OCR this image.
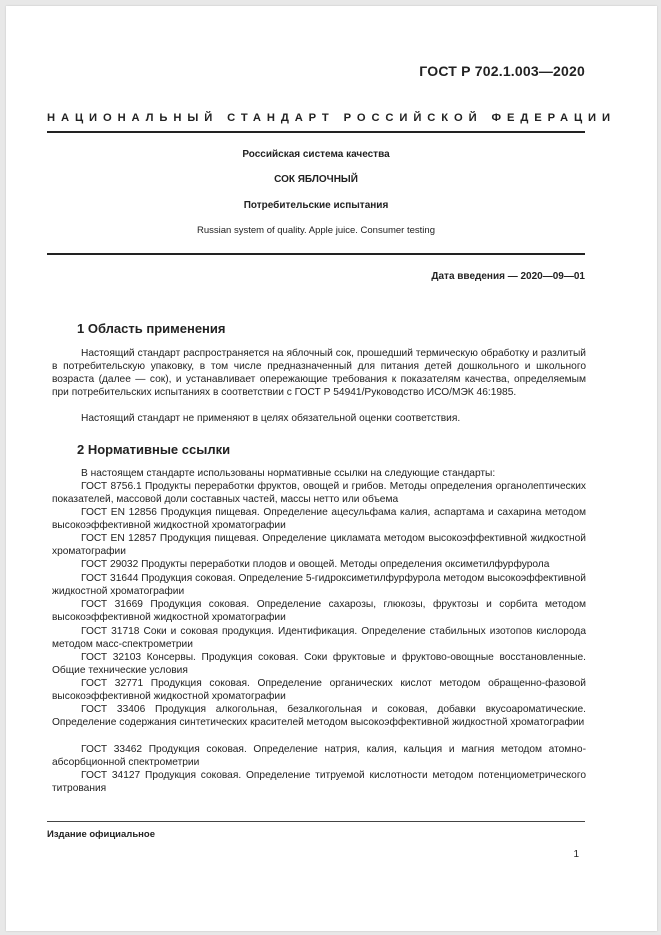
ГОСТ Р 702.1.003—2020
НАЦИОНАЛЬНЫЙ СТАНДАРТ РОССИЙСКОЙ ФЕДЕРАЦИИ
Российская система качества
СОК ЯБЛОЧНЫЙ
Потребительские испытания
Russian system of quality. Apple juice. Consumer testing
Дата введения — 2020—09—01
1 Область применения
Настоящий стандарт распространяется на яблочный сок, прошедший термическую обработку и разлитый в потребительскую упаковку, в том числе предназначенный для питания детей дошкольного и школьного возраста (далее — сок), и устанавливает опережающие требования к показателям качества, определяемым при потребительских испытаниях в соответствии с ГОСТ Р 54941/Руководство ИСО/МЭК 46:1985.
Настоящий стандарт не применяют в целях обязательной оценки соответствия.
2 Нормативные ссылки
В настоящем стандарте использованы нормативные ссылки на следующие стандарты:
ГОСТ 8756.1 Продукты переработки фруктов, овощей и грибов. Методы определения органолептических показателей, массовой доли составных частей, массы нетто или объема
ГОСТ EN 12856 Продукция пищевая. Определение ацесульфама калия, аспартама и сахарина методом высокоэффективной жидкостной хроматографии
ГОСТ EN 12857 Продукция пищевая. Определение цикламата методом высокоэффективной жидкостной хроматографии
ГОСТ 29032 Продукты переработки плодов и овощей. Методы определения оксиметилфурфурола
ГОСТ 31644 Продукция соковая. Определение 5-гидроксиметилфурфурола методом высокоэффективной жидкостной хроматографии
ГОСТ 31669 Продукция соковая. Определение сахарозы, глюкозы, фруктозы и сорбита методом высокоэффективной жидкостной хроматографии
ГОСТ 31718 Соки и соковая продукция. Идентификация. Определение стабильных изотопов кислорода методом масс-спектрометрии
ГОСТ 32103 Консервы. Продукция соковая. Соки фруктовые и фруктово-овощные восстановленные. Общие технические условия
ГОСТ 32771 Продукция соковая. Определение органических кислот методом обращенно-фазовой высокоэффективной жидкостной хроматографии
ГОСТ 33406 Продукция алкогольная, безалкогольная и соковая, добавки вкусоароматические. Определение содержания синтетических красителей методом высокоэффективной жидкостной хроматографии
ГОСТ 33462 Продукция соковая. Определение натрия, калия, кальция и магния методом атомно-абсорбционной спектрометрии
ГОСТ 34127 Продукция соковая. Определение титруемой кислотности методом потенциометрического титрования
Издание официальное
1
